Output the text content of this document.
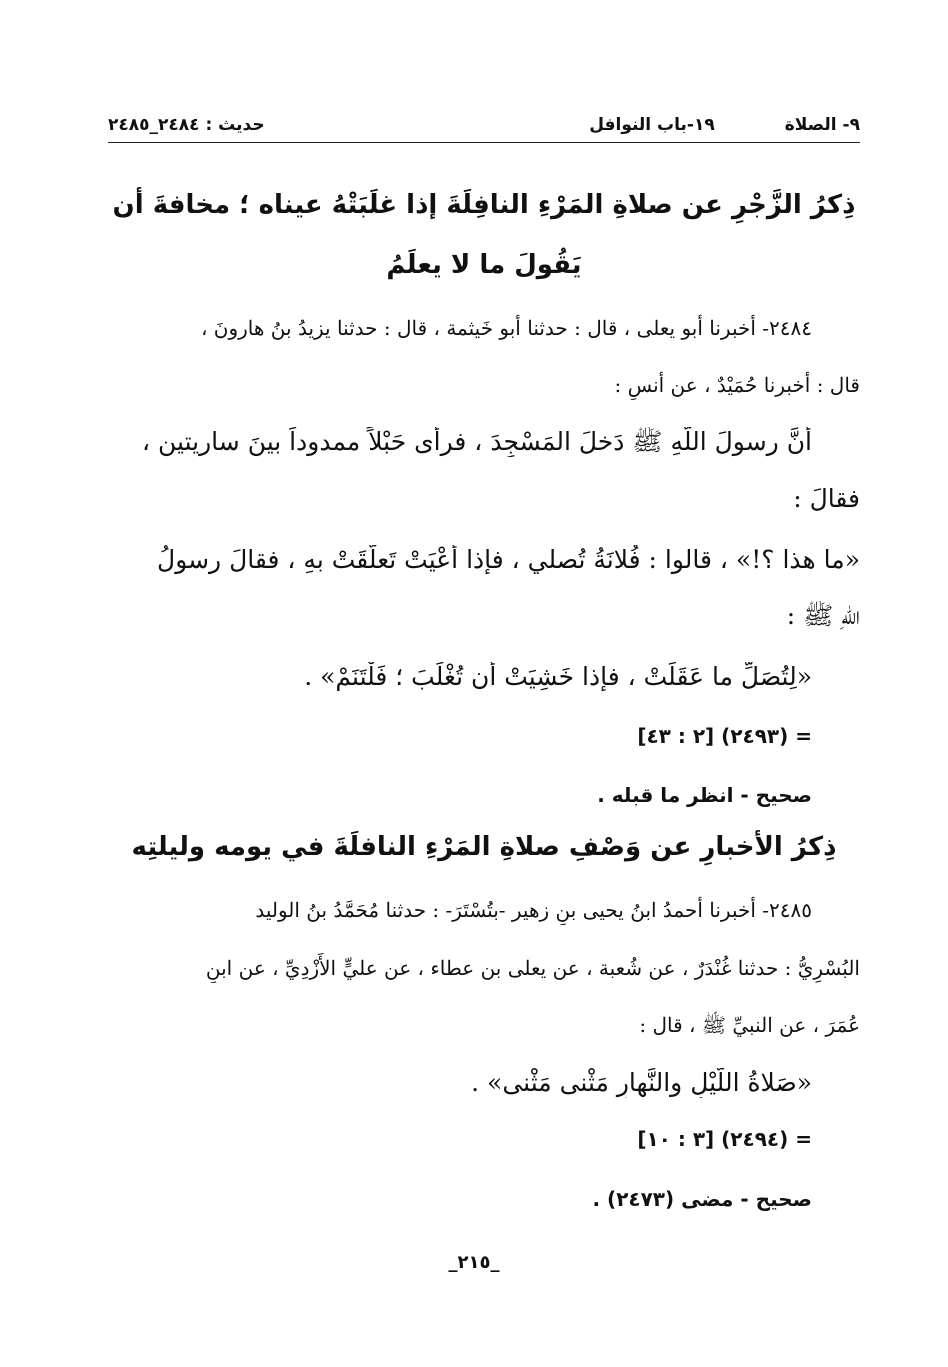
٩- الصلاة
١٩-باب النوافل
حديث : ٢٤٨٤_٢٤٨٥
ذِكرُ الزَّجْرِ عن صلاةِ المَرْءِ النافِلَةَ إذا غلَبَتْهُ عيناه ؛ مخافةَ أن
يَقُولَ ما لا يعلَمُ
٢٤٨٤- أخبرنا أبو يعلى ، قال : حدثنا أبو خَيثمة ، قال : حدثنا يزيدُ بنُ هارونَ ،
قال : أخبرنا حُمَيْدٌ ، عن أنسٍ :
أنَّ رسولَ اللّهِ ﷺ دَخلَ المَسْجِدَ ، فرأى حَبْلاً ممدوداً بينَ ساريتينِ ،
فقالَ :
«ما هذا ؟!» ، قالوا : فُلانَةُ تُصلي ، فإذا أَعْيَتْ تَعلَّقَتْ بهِ ، فقالَ رسولُ
اللّهِ ﷺ :
«لِتُصَلِّ ما عَقَلَتْ ، فإذا خَشِيَتْ أن تُغْلَبَ ؛ فَلْتَنَمْ» .
= (٢٤٩٣) [٢ : ٤٣]
صحيح - انظر ما قبله .
ذِكرُ الأخبارِ عن وَصْفِ صلاةِ المَرْءِ النافلَةَ في يومه وليلتِه
٢٤٨٥- أخبرنا أحمدُ ابنُ يحيى بنِ زهير -بتُسْتَرَ- : حدثنا مُحَمَّدُ بنُ الوليد
البُسْرِيُّ : حدثنا غُنْدَرٌ ، عن شُعبة ، عن يعلى بن عطاء ، عن عليٍّ الأَزْدِيِّ ، عن ابنِ
عُمَرَ ، عن النبيِّ ﷺ ، قال :
«صَلاةُ اللَّيْلِ والنَّهارِ مَثْنى مَثْنى» .
= (٢٤٩٤) [٣ : ١٠]
صحيح - مضى (٢٤٧٣) .
_٢١٥_
